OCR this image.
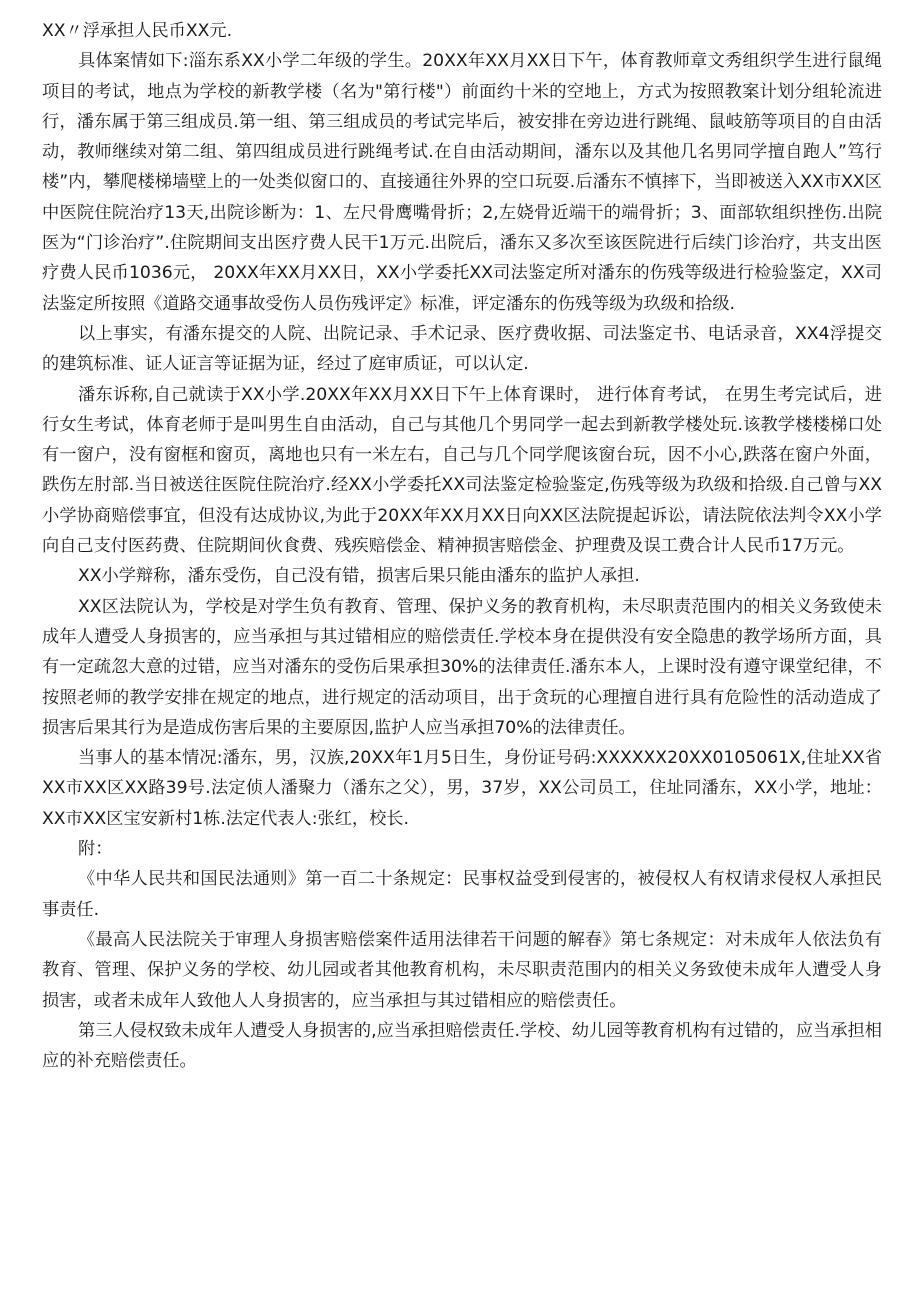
XX〃浮承担人民币XX元.

具体案情如下:淄东系XX小学二年级的学生。20XX年XX月XX日下午，体育教师章文秀组织学生进行鼠绳项目的考试，地点为学校的新教学楼（名为"第行楼"）前面约十米的空地上，方式为按照教案计划分组轮流进行，潘东属于第三组成员.第一组、第三组成员的考试完毕后，被安排在旁边进行跳绳、鼠岐筋等项目的自由活动，教师继续对第二组、第四组成员进行跳绳考试.在自由活动期间，潘东以及其他几名男同学擅自跑人”笃行楼”内，攀爬楼梯墙壁上的一处类似窗口的、直接通往外界的空口玩耍.后潘东不慎摔下，当即被送入XX市XX区中医院住院治疗13天,出院诊断为：1、左尺骨鹰嘴骨折；2,左娆骨近端干的端骨折；3、面部软组织挫伤.出院医为“门诊治疗”.住院期间支出医疗费人民干1万元.出院后，潘东又多次至该医院进行后续门诊治疗，共支出医疗费人民币1036元， 20XX年XX月XX日，XX小学委托XX司法鉴定所对潘东的伤残等级进行检验鉴定，XX司法鉴定所按照《道路交通事故受伤人员伤残评定》标准，评定潘东的伤残等级为玖级和拾级.

以上事实，有潘东提交的人院、出院记录、手术记录、医疗费收据、司法鉴定书、电话录音，XX4浮提交的建筑标准、证人证言等证据为证，经过了庭审质证，可以认定.

潘东诉称,自己就读于XX小学.20XX年XX月XX日下午上体育课时， 进行体育考试， 在男生考完试后，进行女生考试，体育老师于是叫男生自由活动，自己与其他几个男同学一起去到新教学楼处玩.该教学楼楼梯口处有一窗户，没有窗框和窗页，离地也只有一米左右，自己与几个同学爬该窗台玩，因不小心,跌落在窗户外面，跌伤左肘部.当日被送往医院住院治疗.经XX小学委托XX司法鉴定检验鉴定,伤残等级为玖级和拾级.自己曾与XX小学协商赔偿事宜，但没有达成协议,为此于20XX年XX月XX日向XX区法院提起诉讼，请法院依法判令XX小学向自己支付医药费、住院期间伙食费、残疾赔偿金、精神损害赔偿金、护理费及误工费合计人民币17万元。

XX小学辩称，潘东受伤，自己没有错，损害后果只能由潘东的监护人承担.

XX区法院认为，学校是对学生负有教育、管理、保护义务的教育机构，未尽职责范围内的相关义务致使未成年人遭受人身损害的，应当承担与其过错相应的赔偿责任.学校本身在提供没有安全隐患的教学场所方面，具有一定疏忽大意的过错，应当对潘东的受伤后果承担30%的法律责任.潘东本人，上课时没有遵守课堂纪律，不按照老师的教学安排在规定的地点，进行规定的活动项目，出于贪玩的心理擅自进行具有危险性的活动造成了损害后果其行为是造成伤害后果的主要原因,监护人应当承担70%的法律责任。

当事人的基本情况:潘东，男，汉族,20XX年1月5日生，身份证号码:XXXXXX20XX0105061X,住址XX省XX市XX区XX路39号.法定侦人潘聚力（潘东之父），男，37岁，XX公司员工，住址同潘东，XX小学，地址：XX市XX区宝安新村1栋.法定代表人:张红，校长.

附：

《中华人民共和国民法通则》第一百二十条规定：民事权益受到侵害的，被侵权人有权请求侵权人承担民事责任.

《最高人民法院关于审理人身损害赔偿案件适用法律若干问题的解春》第七条规定：对未成年人依法负有教育、管理、保护义务的学校、幼儿园或者其他教育机构，未尽职责范围内的相关义务致使未成年人遭受人身损害，或者未成年人致他人人身损害的，应当承担与其过错相应的赔偿责任。

第三人侵权致未成年人遭受人身损害的,应当承担赔偿责任.学校、幼儿园等教育机构有过错的，应当承担相应的补充赔偿责任。
